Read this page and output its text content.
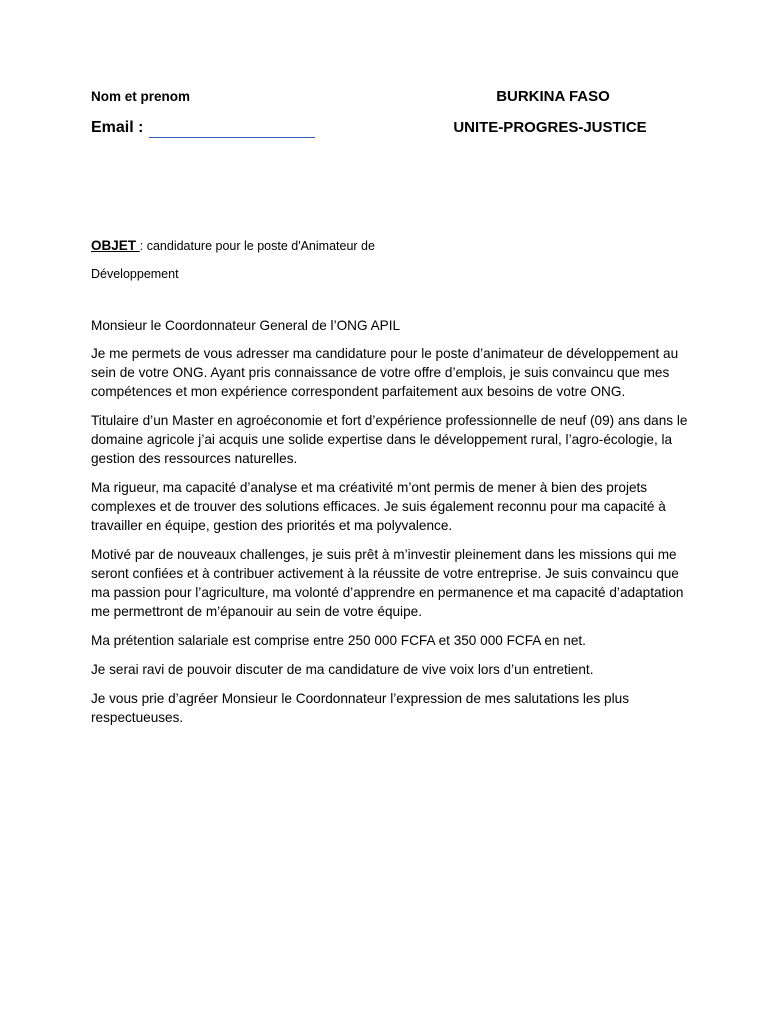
Nom et prenom
Email :
BURKINA FASO
UNITE-PROGRES-JUSTICE
OBJET : candidature pour le poste d'Animateur de
Développement

Monsieur le Coordonnateur General de l’ONG APIL

Je me permets de vous adresser ma candidature pour le poste d’animateur de développement au sein de votre ONG. Ayant pris connaissance de votre offre d’emplois, je suis convaincu que mes compétences et mon expérience correspondent parfaitement aux besoins de votre ONG.

Titulaire d’un Master en agroéconomie et fort d’expérience professionnelle de neuf (09) ans dans le domaine agricole j’ai acquis une solide expertise dans le développement rural, l’agro-écologie, la gestion des ressources naturelles.

Ma rigueur, ma capacité d’analyse et ma créativité m’ont permis de mener à bien des projets complexes et de trouver des solutions efficaces. Je suis également reconnu pour ma capacité à travailler en équipe, gestion des priorités et ma polyvalence.

Motivé par de nouveaux challenges, je suis prêt à m’investir pleinement dans les missions qui me seront confiées et à contribuer activement à la réussite de votre entreprise. Je suis convaincu que ma passion pour l’agriculture, ma volonté d’apprendre en permanence et ma capacité d’adaptation me permettront de m’épanouir au sein de votre équipe.

Ma prétention salariale est comprise entre 250 000 FCFA et 350 000 FCFA en net.

Je serai ravi de pouvoir discuter de ma candidature de vive voix lors d’un entretient.

Je vous prie d’agréer Monsieur le Coordonnateur l’expression de mes salutations les plus respectueuses.
